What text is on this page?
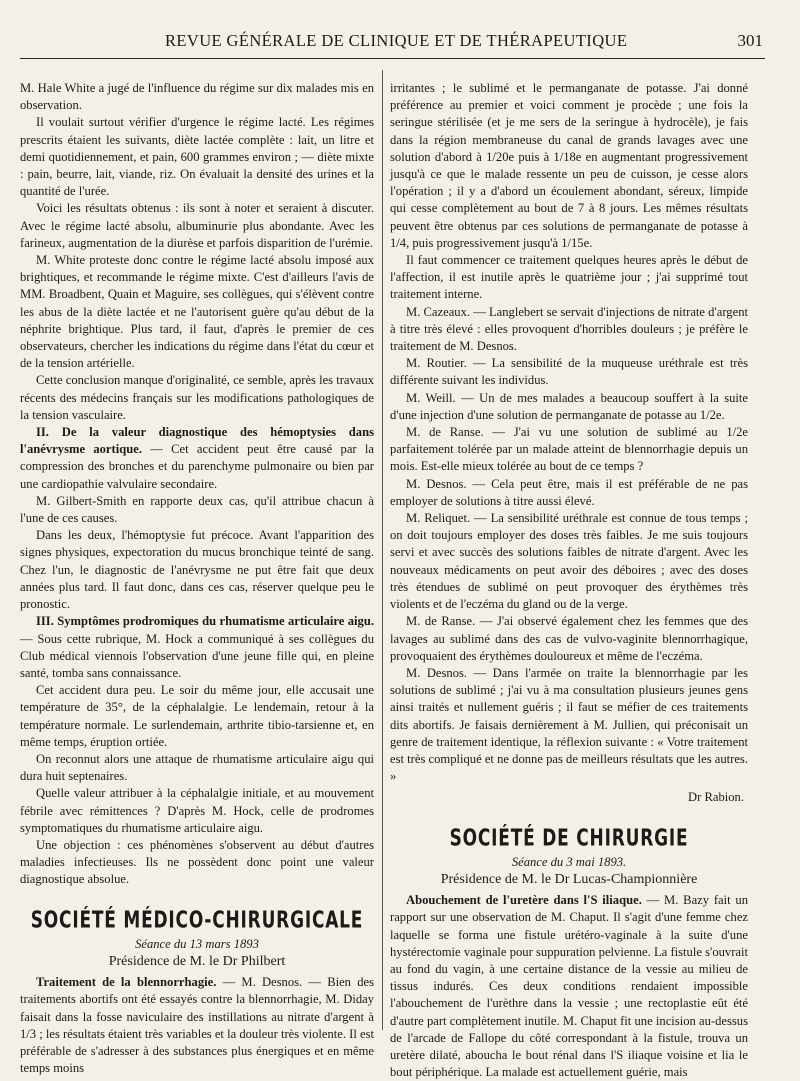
REVUE GÉNÉRALE DE CLINIQUE ET DE THÉRAPEUTIQUE	301

M. Hale White a jugé de l'influence du régime sur dix malades mis en observation.

Il voulait surtout vérifier d'urgence le régime lacté. Les régimes prescrits étaient les suivants, diète lactée complète : lait, un litre et demi quotidiennement, et pain, 600 grammes environ ; — diète mixte : pain, beurre, lait, viande, riz. On évaluait la densité des urines et la quantité de l'urée.

Voici les résultats obtenus : ils sont à noter et seraient à discuter. Avec le régime lacté absolu, albuminurie plus abondante. Avec les farineux, augmentation de la diurèse et parfois disparition de l'urémie.

M. White proteste donc contre le régime lacté absolu imposé aux brightiques, et recommande le régime mixte. C'est d'ailleurs l'avis de MM. Broadbent, Quain et Maguire, ses collègues, qui s'élèvent contre les abus de la diète lactée et ne l'autorisent guère qu'au début de la néphrite brightique. Plus tard, il faut, d'après le premier de ces observateurs, chercher les indications du régime dans l'état du cœur et de la tension artérielle.

Cette conclusion manque d'originalité, ce semble, après les travaux récents des médecins français sur les modifications pathologiques de la tension vasculaire.

II. De la valeur diagnostique des hémoptysies dans l'anévrysme aortique. — Cet accident peut être causé par la compression des bronches et du parenchyme pulmonaire ou bien par une cardiopathie valvulaire secondaire.

M. Gilbert-Smith en rapporte deux cas, qu'il attribue chacun à l'une de ces causes.

Dans les deux, l'hémoptysie fut précoce. Avant l'apparition des signes physiques, expectoration du mucus bronchique teinté de sang. Chez l'un, le diagnostic de l'anévrysme ne put être fait que deux années plus tard. Il faut donc, dans ces cas, réserver quelque peu le pronostic.

III. Symptômes prodromiques du rhumatisme articulaire aigu. — Sous cette rubrique, M. Hock a communiqué à ses collègues du Club médical viennois l'observation d'une jeune fille qui, en pleine santé, tomba sans connaissance.

Cet accident dura peu. Le soir du même jour, elle accusait une température de 35°, de la céphalalgie. Le lendemain, retour à la température normale. Le surlendemain, arthrite tibio-tarsienne et, en même temps, éruption ortiée.

On reconnut alors une attaque de rhumatisme articulaire aigu qui dura huit septenaires.

Quelle valeur attribuer à la céphalalgie initiale, et au mouvement fébrile avec rémittences ? D'après M. Hock, celle de prodromes symptomatiques du rhumatisme articulaire aigu.

Une objection : ces phénomènes s'observent au début d'autres maladies infectieuses. Ils ne possèdent donc point une valeur diagnostique absolue.

SOCIÉTÉ MÉDICO-CHIRURGICALE
Séance du 13 mars 1893
Présidence de M. le Dr Philbert

Traitement de la blennorrhagie. — M. Desnos. — Bien des traitements abortifs ont été essayés contre la blennorrhagie, M. Diday faisait dans la fosse naviculaire des instillations au nitrate d'argent à 1/3 ; les résultats étaient très variables et la douleur très violente. Il est préférable de s'adresser à des substances plus énergiques et en même temps moins

irritantes ; le sublimé et le permanganate de potasse. J'ai donné préférence au premier et voici comment je procède ; une fois la seringue stérilisée (et je me sers de la seringue à hydrocèle), je fais dans la région membraneuse du canal de grands lavages avec une solution d'abord à 1/20e puis à 1/18e en augmentant progressivement jusqu'à ce que le malade ressente un peu de cuisson, je cesse alors l'opération ; il y a d'abord un écoulement abondant, séreux, limpide qui cesse complètement au bout de 7 à 8 jours. Les mêmes résultats peuvent être obtenus par ces solutions de permanganate de potasse à 1/4, puis progressivement jusqu'à 1/15e.

Il faut commencer ce traitement quelques heures après le début de l'affection, il est inutile après le quatrième jour ; j'ai supprimé tout traitement interne.

M. Cazeaux. — Langlebert se servait d'injections de nitrate d'argent à titre très élevé : elles provoquent d'horribles douleurs ; je préfère le traitement de M. Desnos.

M. Routier. — La sensibilité de la muqueuse uréthrale est très différente suivant les individus.

M. Weill. — Un de mes malades a beaucoup souffert à la suite d'une injection d'une solution de permanganate de potasse au 1/2e.

M. de Ranse. — J'ai vu une solution de sublimé au 1/2e parfaitement tolérée par un malade atteint de blennorrhagie depuis un mois. Est-elle mieux tolérée au bout de ce temps ?

M. Desnos. — Cela peut être, mais il est préférable de ne pas employer de solutions à titre aussi élevé.

M. Reliquet. — La sensibilité uréthrale est connue de tous temps ; on doit toujours employer des doses très faibles. Je me suis toujours servi et avec succès des solutions faibles de nitrate d'argent. Avec les nouveaux médicaments on peut avoir des déboires ; avec des doses très étendues de sublimé on peut provoquer des érythèmes très violents et de l'eczéma du gland ou de la verge.

M. de Ranse. — J'ai observé également chez les femmes que des lavages au sublimé dans des cas de vulvo-vaginite blennorrhagique, provoquaient des érythèmes douloureux et même de l'eczéma.

M. Desnos. — Dans l'armée on traite la blennorrhagie par les solutions de sublimé ; j'ai vu à ma consultation plusieurs jeunes gens ainsi traités et nullement guéris ; il faut se méfier de ces traitements dits abortifs. Je faisais dernièrement à M. Jullien, qui préconisait un genre de traitement identique, la réflexion suivante : « Votre traitement est très compliqué et ne donne pas de meilleurs résultats que les autres. »

Dr Rabion.
SOCIÉTÉ DE CHIRURGIE
Séance du 3 mai 1893.
Présidence de M. le Dr Lucas-Championnière

Abouchement de l'uretère dans l'S iliaque. — M. Bazy fait un rapport sur une observation de M. Chaput. Il s'agit d'une femme chez laquelle se forma une fistule urétéro-vaginale à la suite d'une hystérectomie vaginale pour suppuration pelvienne. La fistule s'ouvrait au fond du vagin, à une certaine distance de la vessie au milieu de tissus indurés. Ces deux conditions rendaient impossible l'abouchement de l'urèthre dans la vessie ; une rectoplastie eût été d'autre part complètement inutile. M. Chaput fit une incision au-dessus de l'arcade de Fallope du côté correspondant à la fistule, trouva un uretère dilaté, aboucha le bout rénal dans l'S iliaque voisine et lia le bout périphérique. La malade est actuellement guérie, mais
